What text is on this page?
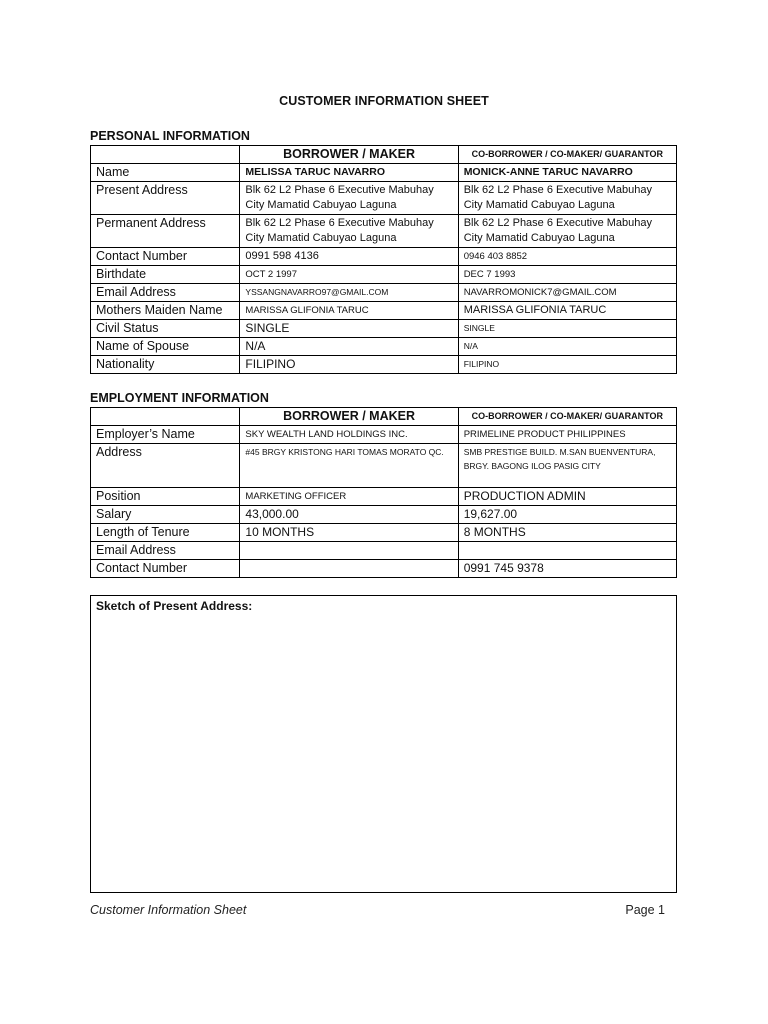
CUSTOMER INFORMATION SHEET
PERSONAL INFORMATION
	BORROWER / MAKER	CO-BORROWER / CO-MAKER/ GUARANTOR
Name	MELISSA TARUC NAVARRO	MONICK-ANNE TARUC NAVARRO
Present Address	Blk 62 L2 Phase 6 Executive Mabuhay City Mamatid Cabuyao Laguna	Blk 62 L2 Phase 6 Executive Mabuhay City Mamatid Cabuyao Laguna
Permanent Address	Blk 62 L2 Phase 6 Executive Mabuhay City Mamatid Cabuyao Laguna	Blk 62 L2 Phase 6 Executive Mabuhay City Mamatid Cabuyao Laguna
Contact Number	0991 598 4136	0946 403 8852
Birthdate	OCT 2 1997	DEC 7 1993
Email Address	YSSANGNAVARRO97@GMAIL.COM	NAVARROMONICK7@GMAIL.COM
Mothers Maiden Name	MARISSA GLIFONIA TARUC	MARISSA GLIFONIA TARUC
Civil Status	SINGLE	SINGLE
Name of Spouse	N/A	N/A
Nationality	FILIPINO	FILIPINO
EMPLOYMENT INFORMATION
	BORROWER / MAKER	CO-BORROWER / CO-MAKER/ GUARANTOR
Employer’s Name	SKY WEALTH LAND HOLDINGS INC.	PRIMELINE PRODUCT PHILIPPINES
Address	#45 BRGY KRISTONG HARI TOMAS MORATO QC.	SMB PRESTIGE BUILD. M.SAN BUENVENTURA, BRGY. BAGONG ILOG PASIG CITY
Position	MARKETING OFFICER	PRODUCTION ADMIN
Salary	43,000.00	19,627.00
Length of Tenure	10 MONTHS	8 MONTHS
Email Address		
Contact Number		0991 745 9378
Sketch of Present Address:
Customer Information Sheet	Page 1
